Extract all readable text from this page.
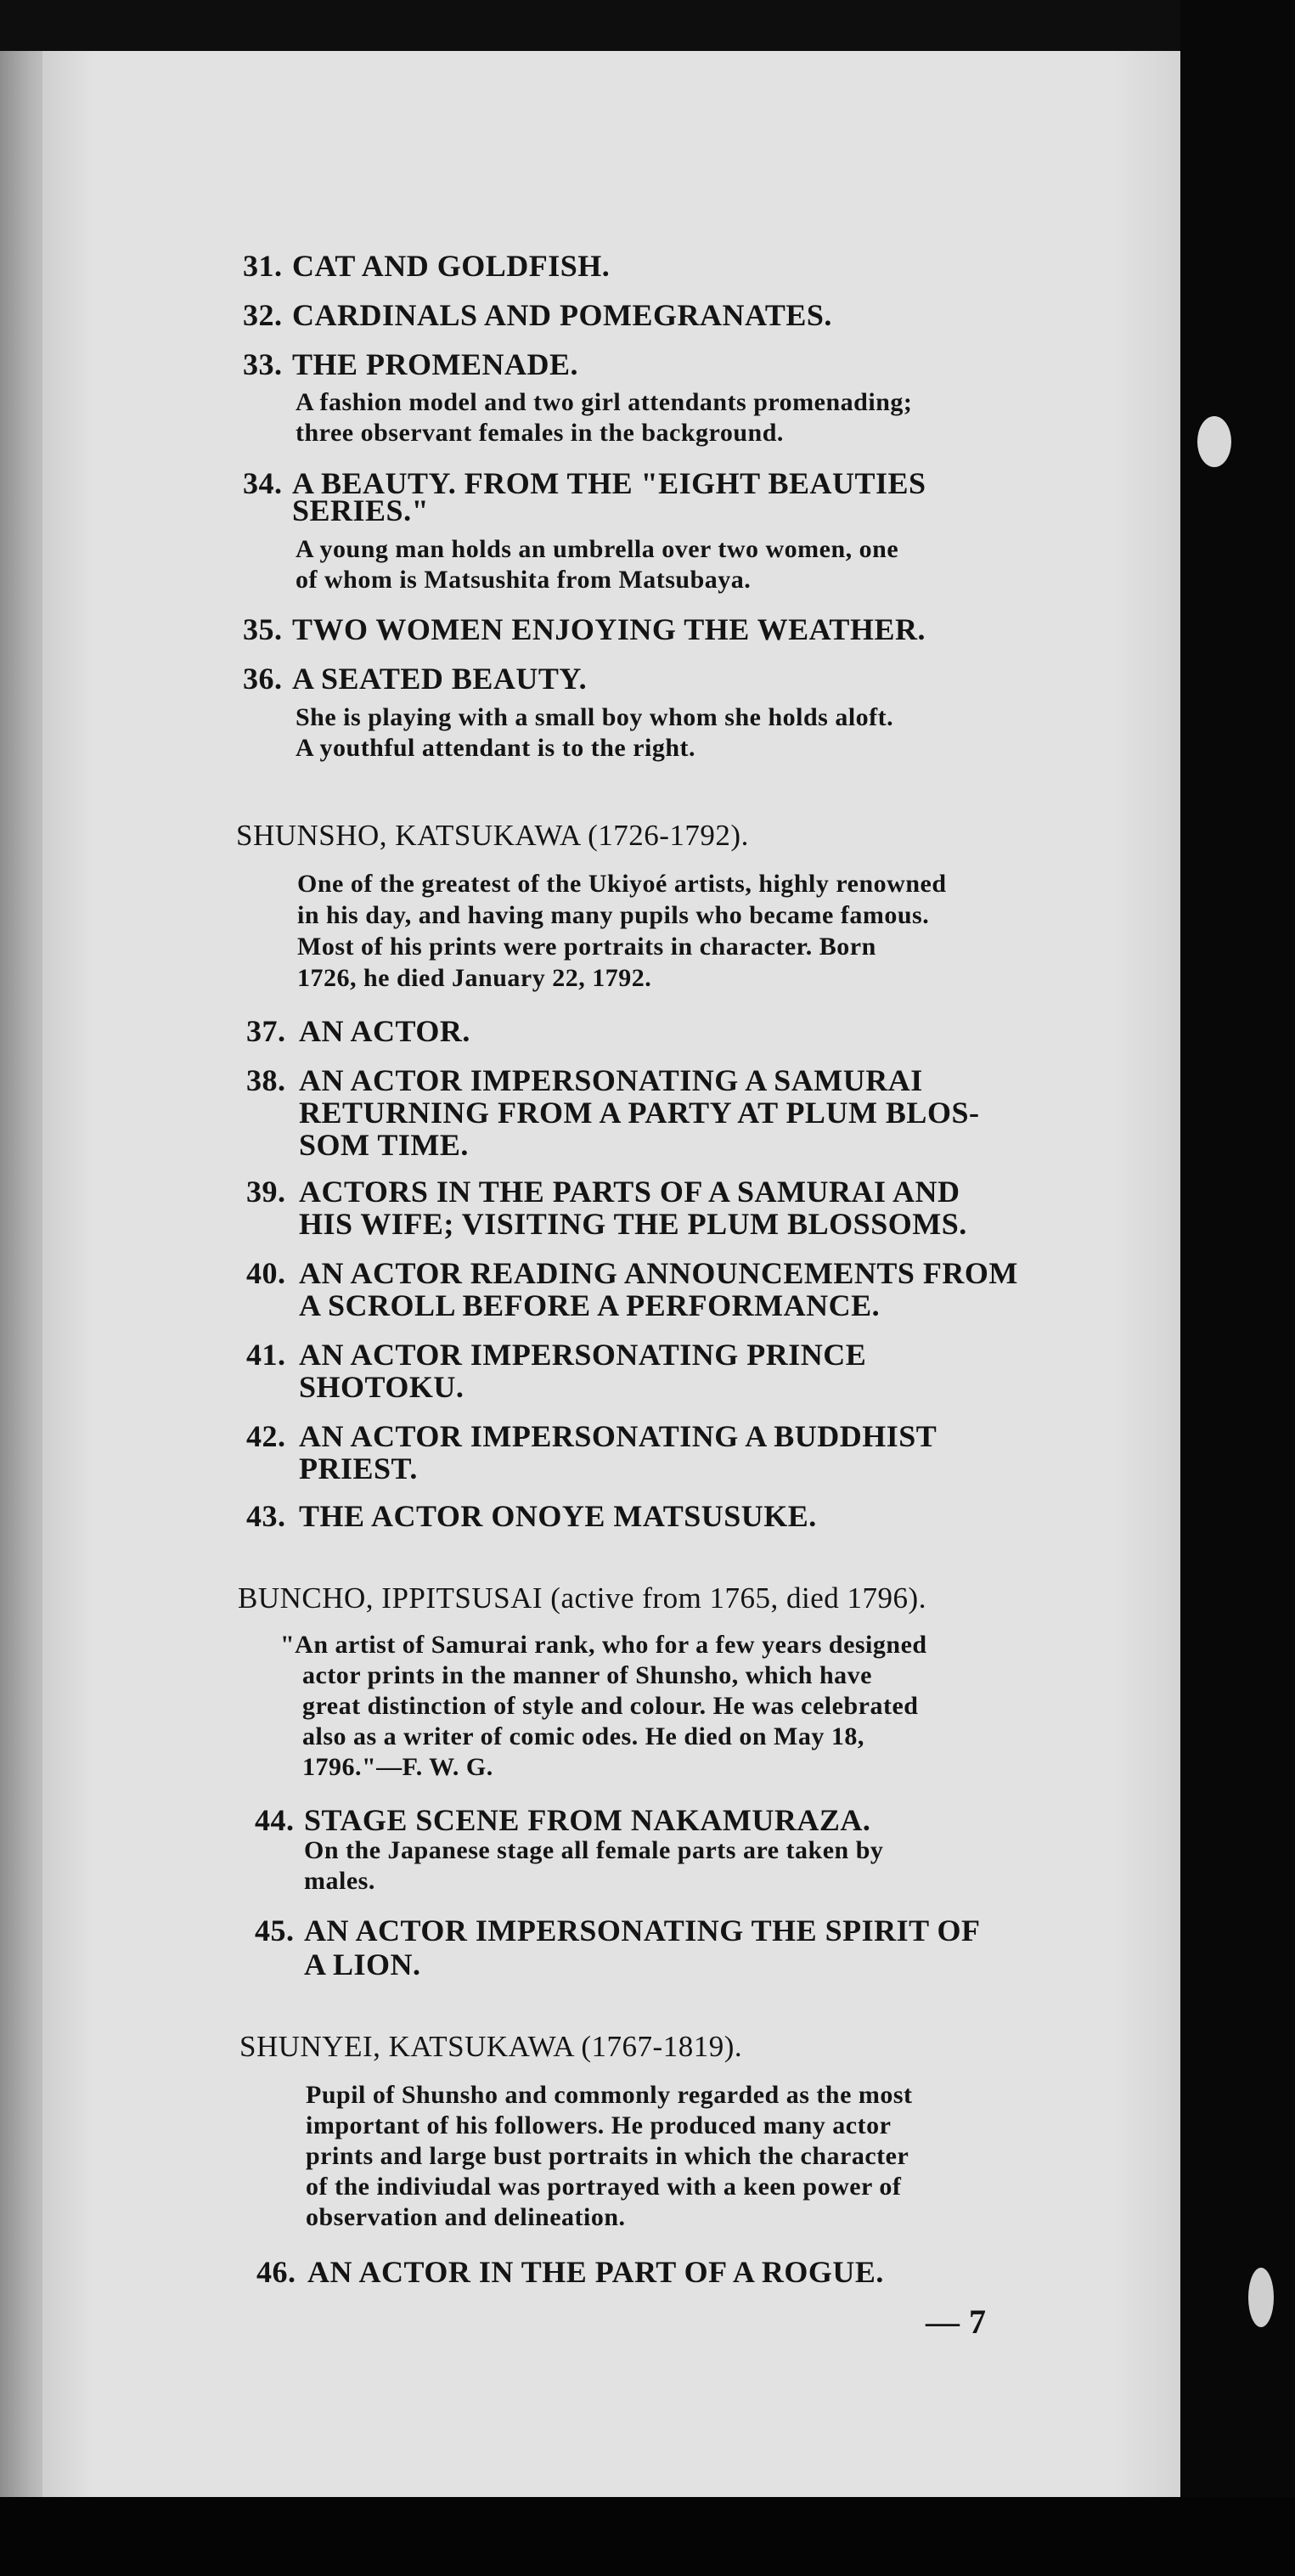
31. CAT AND GOLDFISH.
32. CARDINALS AND POMEGRANATES.
33. THE PROMENADE.
A fashion model and two girl attendants promenading;
three observant females in the background.
34. A BEAUTY. FROM THE "EIGHT BEAUTIES
SERIES."
A young man holds an umbrella over two women, one
of whom is Matsushita from Matsubaya.
35. TWO WOMEN ENJOYING THE WEATHER.
36. A SEATED BEAUTY.
She is playing with a small boy whom she holds aloft.
A youthful attendant is to the right.
SHUNSHO, KATSUKAWA (1726-1792).
One of the greatest of the Ukiyoé artists, highly renowned
in his day, and having many pupils who became famous.
Most of his prints were portraits in character. Born
1726, he died January 22, 1792.
37. AN ACTOR.
38. AN ACTOR IMPERSONATING A SAMURAI
RETURNING FROM A PARTY AT PLUM BLOS-
SOM TIME.
39. ACTORS IN THE PARTS OF A SAMURAI AND
HIS WIFE; VISITING THE PLUM BLOSSOMS.
40. AN ACTOR READING ANNOUNCEMENTS FROM
A SCROLL BEFORE A PERFORMANCE.
41. AN ACTOR IMPERSONATING PRINCE
SHOTOKU.
42. AN ACTOR IMPERSONATING A BUDDHIST
PRIEST.
43. THE ACTOR ONOYE MATSUSUKE.
BUNCHO, IPPITSUSAI (active from 1765, died 1796).
"An artist of Samurai rank, who for a few years designed
actor prints in the manner of Shunsho, which have
great distinction of style and colour. He was celebrated
also as a writer of comic odes. He died on May 18,
1796."—F. W. G.
44. STAGE SCENE FROM NAKAMURAZA.
On the Japanese stage all female parts are taken by
males.
45. AN ACTOR IMPERSONATING THE SPIRIT OF
A LION.
SHUNYEI, KATSUKAWA (1767-1819).
Pupil of Shunsho and commonly regarded as the most
important of his followers. He produced many actor
prints and large bust portraits in which the character
of the indiviudal was portrayed with a keen power of
observation and delineation.
46. AN ACTOR IN THE PART OF A ROGUE.
— 7
